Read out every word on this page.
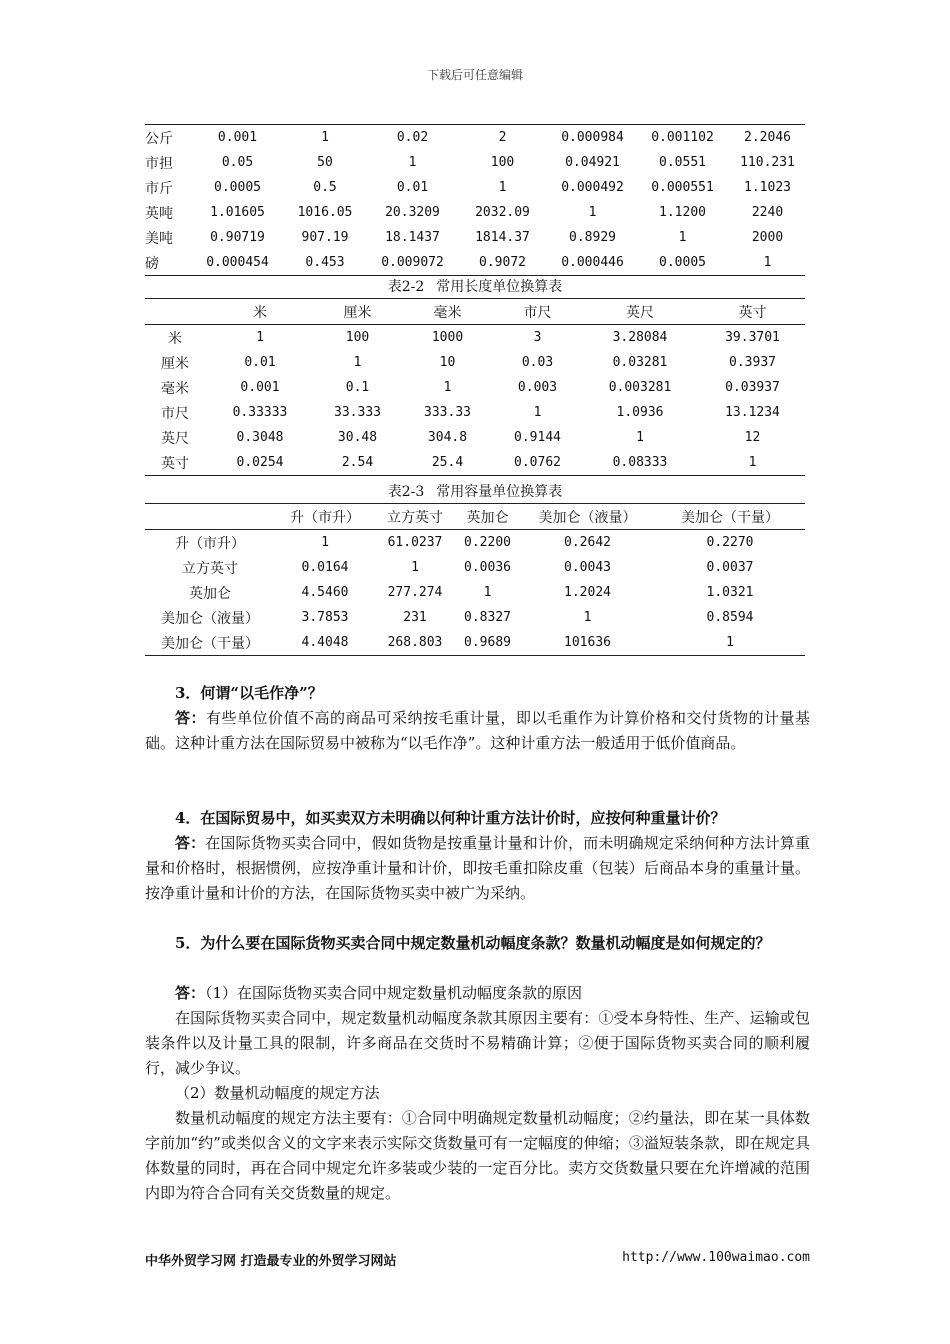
下载后可任意编辑
公斤	0.001	1	0.02	2	0.000984	0.001102	2.2046
市担	0.05	50	1	100	0.04921	0.0551	110.231
市斤	0.0005	0.5	0.01	1	0.000492	0.000551	1.1023
英吨	1.01605	1016.05	20.3209	2032.09	1	1.1200	2240
美吨	0.90719	907.19	18.1437	1814.37	0.8929	1	2000
磅	0.000454	0.453	0.009072	0.9072	0.000446	0.0005	1
表2-2 常用长度单位换算表
	米	厘米	毫米	市尺	英尺	英寸
米	1	100	1000	3	3.28084	39.3701
厘米	0.01	1	10	0.03	0.03281	0.3937
毫米	0.001	0.1	1	0.003	0.003281	0.03937
市尺	0.33333	33.333	333.33	1	1.0936	13.1234
英尺	0.3048	30.48	304.8	0.9144	1	12
英寸	0.0254	2.54	25.4	0.0762	0.08333	1
表2-3 常用容量单位换算表
	升（市升）	立方英寸	英加仑	美加仑（液量）	美加仑（干量）
升（市升）	1	61.0237	0.2200	0.2642	0.2270
立方英寸	0.0164	1	0.0036	0.0043	0.0037
英加仑	4.5460	277.274	1	1.2024	1.0321
美加仑（液量）	3.7853	231	0.8327	1	0.8594
美加仑（干量）	4.4048	268.803	0.9689	101636	1
3．何谓“以毛作净”？
答：有些单位价值不高的商品可采纳按毛重计量，即以毛重作为计算价格和交付货物的计量基础。这种计重方法在国际贸易中被称为“以毛作净”。这种计重方法一般适用于低价值商品。
4．在国际贸易中，如买卖双方未明确以何种计重方法计价时，应按何种重量计价？
答：在国际货物买卖合同中，假如货物是按重量计量和计价，而未明确规定采纳何种方法计算重量和价格时，根据惯例，应按净重计量和计价，即按毛重扣除皮重（包装）后商品本身的重量计量。按净重计量和计价的方法，在国际货物买卖中被广为采纳。
5．为什么要在国际货物买卖合同中规定数量机动幅度条款？数量机动幅度是如何规定的？
答：（1）在国际货物买卖合同中规定数量机动幅度条款的原因
在国际货物买卖合同中，规定数量机动幅度条款其原因主要有：①受本身特性、生产、运输或包装条件以及计量工具的限制，许多商品在交货时不易精确计算；②便于国际货物买卖合同的顺利履行，减少争议。
（2）数量机动幅度的规定方法
数量机动幅度的规定方法主要有：①合同中明确规定数量机动幅度；②约量法，即在某一具体数字前加“约”或类似含义的文字来表示实际交货数量可有一定幅度的伸缩；③溢短装条款，即在规定具体数量的同时，再在合同中规定允许多装或少装的一定百分比。卖方交货数量只要在允许增减的范围内即为符合合同有关交货数量的规定。
中华外贸学习网 打造最专业的外贸学习网站	http://www.100waimao.com
